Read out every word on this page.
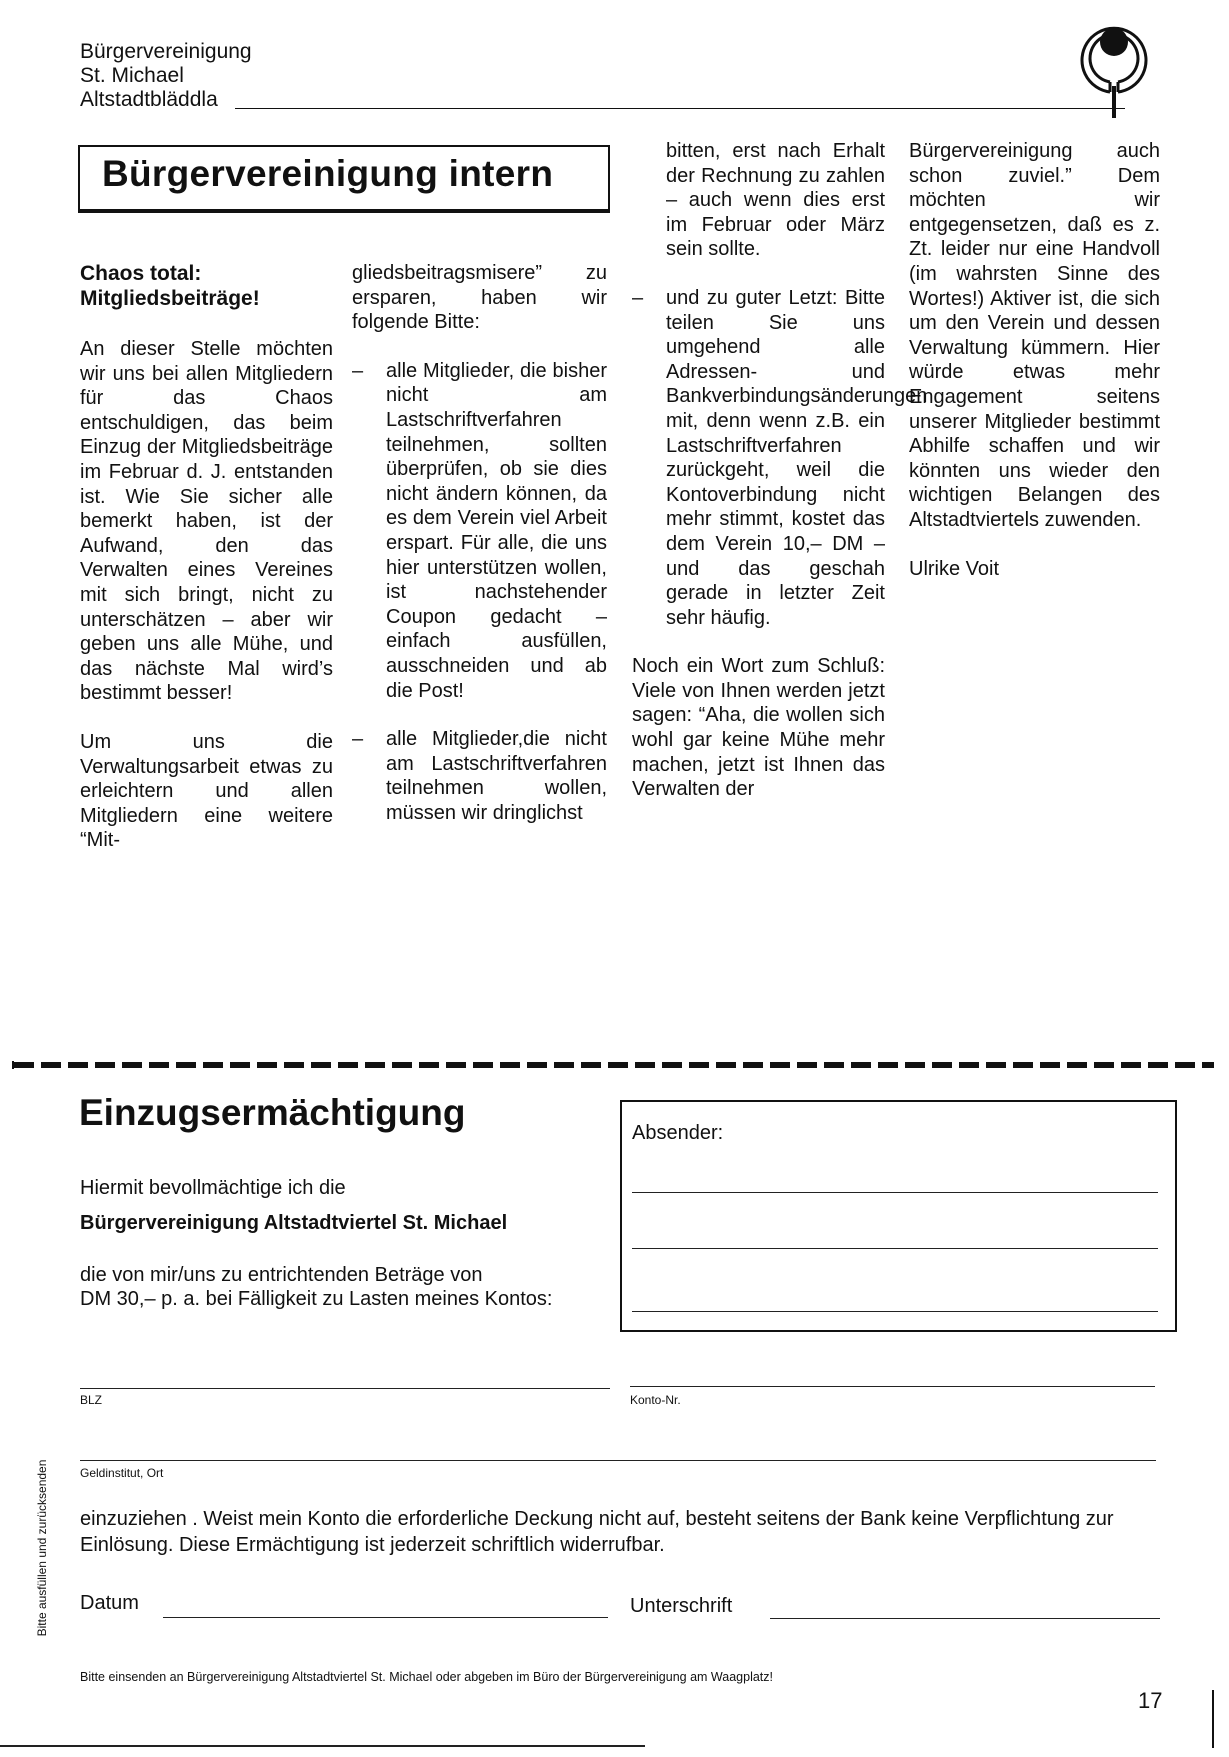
Bürgervereinigung
St. Michael
Altstadtbläddla
Bürgervereinigung intern

Chaos total:
Mitgliedsbeiträge!

An dieser Stelle möchten wir uns bei allen Mitgliedern für das Chaos entschuldigen, das beim Einzug der Mitgliedsbeiträge im Februar d. J. entstanden ist. Wie Sie sicher alle bemerkt haben, ist der Aufwand, den das Verwalten eines Vereines mit sich bringt, nicht zu unterschätzen – aber wir geben uns alle Mühe, und das nächste Mal wird’s bestimmt besser!

Um uns die Verwaltungsarbeit etwas zu erleichtern und allen Mitgliedern eine weitere “Mit-

gliedsbeitragsmisere” zu ersparen, haben wir folgende Bitte:

– alle Mitglieder, die bisher nicht am Lastschriftverfahren teilnehmen, sollten überprüfen, ob sie dies nicht ändern können, da es dem Verein viel Arbeit erspart. Für alle, die uns hier unterstützen wollen, ist nachstehender Coupon gedacht – einfach ausfüllen, ausschneiden und ab die Post!

– alle Mitglieder,die nicht am Lastschriftverfahren teilnehmen wollen, müssen wir dringlichst

bitten, erst nach Erhalt der Rechnung zu zahlen – auch wenn dies erst im Februar oder März sein sollte.

– und zu guter Letzt: Bitte teilen Sie uns umgehend alle Adressen- und Bankverbindungsänderungen mit, denn wenn z.B. ein Lastschriftverfahren zurückgeht, weil die Kontoverbindung nicht mehr stimmt, kostet das dem Verein 10,– DM – und das geschah gerade in letzter Zeit sehr häufig.

Noch ein Wort zum Schluß: Viele von Ihnen werden jetzt sagen: “Aha, die wollen sich wohl gar keine Mühe mehr machen, jetzt ist Ihnen das Verwalten der

Bürgervereinigung auch schon zuviel.” Dem möchten wir entgegensetzen, daß es z. Zt. leider nur eine Handvoll (im wahrsten Sinne des Wortes!) Aktiver ist, die sich um den Verein und dessen Verwaltung kümmern. Hier würde etwas mehr Engagement seitens unserer Mitglieder bestimmt Abhilfe schaffen und wir könnten uns wieder den wichtigen Belangen des Altstadtviertels zuwenden.

Ulrike Voit

Einzugsermächtigung
Hiermit bevollmächtige ich die
Bürgervereinigung Altstadtviertel St. Michael
die von mir/uns zu entrichtenden Beträge von
DM 30,– p. a. bei Fälligkeit zu Lasten meines Kontos:
Absender:
BLZ	Konto-Nr.
Geldinstitut, Ort
Bitte ausfüllen und zurücksenden einzuziehen . Weist mein Konto die erforderliche Deckung nicht auf, besteht seitens der Bank keine Verpflichtung zur Einlösung. Diese Ermächtigung ist jederzeit schriftlich widerrufbar.
Datum	Unterschrift
Bitte einsenden an Bürgervereinigung Altstadtviertel St. Michael oder abgeben im Büro der Bürgervereinigung am Waagplatz!
17
